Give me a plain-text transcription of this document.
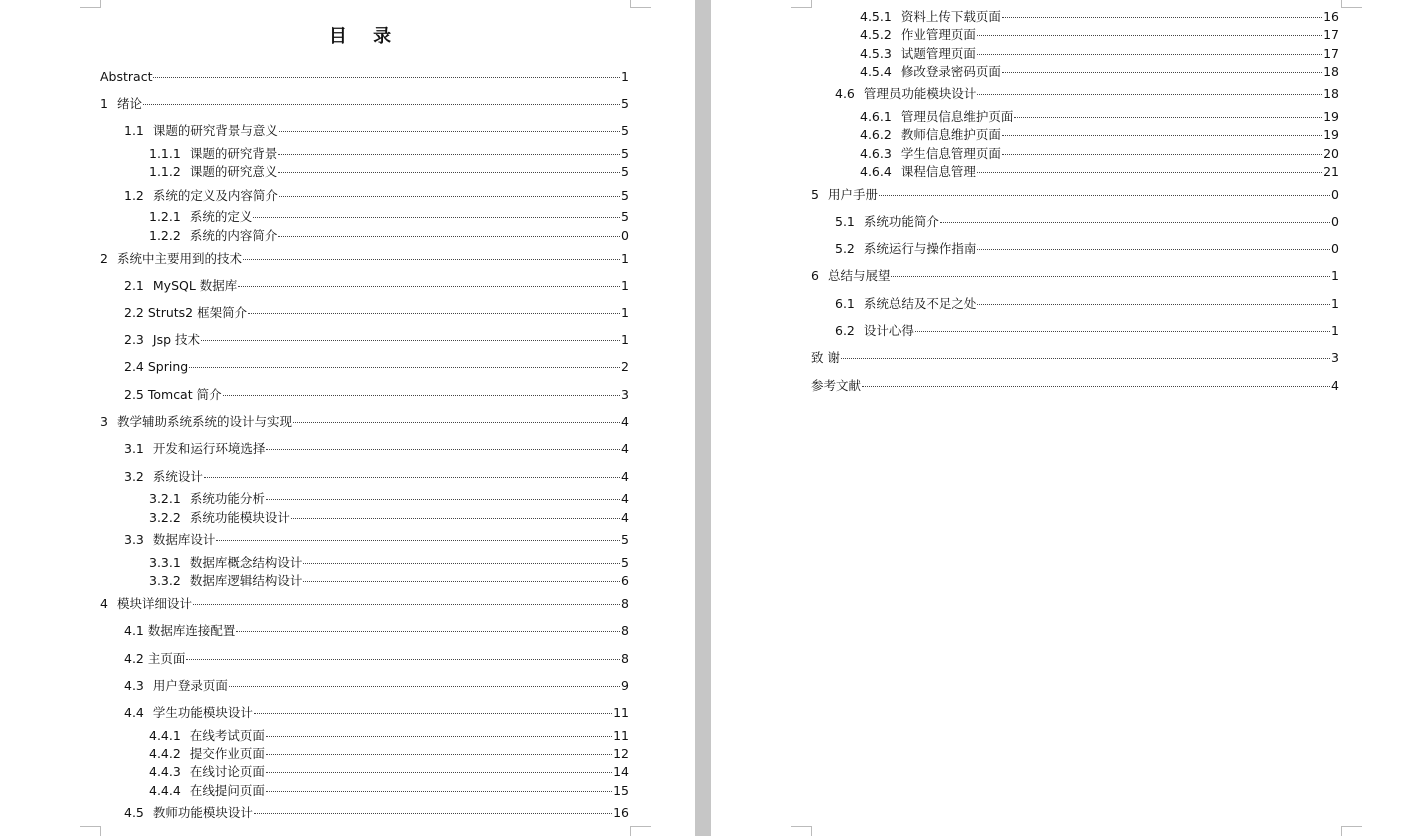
目 录
Abstract	1
1 绪论	5
1.1 课题的研究背景与意义	5
1.1.1 课题的研究背景	5
1.1.2 课题的研究意义	5
1.2 系统的定义及内容简介	5
1.2.1 系统的定义	5
1.2.2 系统的内容简介	0
2 系统中主要用到的技术	1
2.1 MySQL 数据库	1
2.2 Struts2 框架简介	1
2.3 Jsp 技术	1
2.4 Spring	2
2.5 Tomcat 简介	3
3 教学辅助系统系统的设计与实现	4
3.1 开发和运行环境选择	4
3.2 系统设计	4
3.2.1 系统功能分析	4
3.2.2 系统功能模块设计	4
3.3 数据库设计	5
3.3.1 数据库概念结构设计	5
3.3.2 数据库逻辑结构设计	6
4 模块详细设计	8
4.1 数据库连接配置	8
4.2 主页面	8
4.3 用户登录页面	9
4.4 学生功能模块设计	11
4.4.1 在线考试页面	11
4.4.2 提交作业页面	12
4.4.3 在线讨论页面	14
4.4.4 在线提问页面	15
4.5 教师功能模块设计	16
4.5.1 资料上传下载页面	16
4.5.2 作业管理页面	17
4.5.3 试题管理页面	17
4.5.4 修改登录密码页面	18
4.6 管理员功能模块设计	18
4.6.1 管理员信息维护页面	19
4.6.2 教师信息维护页面	19
4.6.3 学生信息管理页面	20
4.6.4 课程信息管理	21
5 用户手册	0
5.1 系统功能简介	0
5.2 系统运行与操作指南	0
6 总结与展望	1
6.1 系统总结及不足之处	1
6.2 设计心得	1
致 谢	3
参考文献	4
